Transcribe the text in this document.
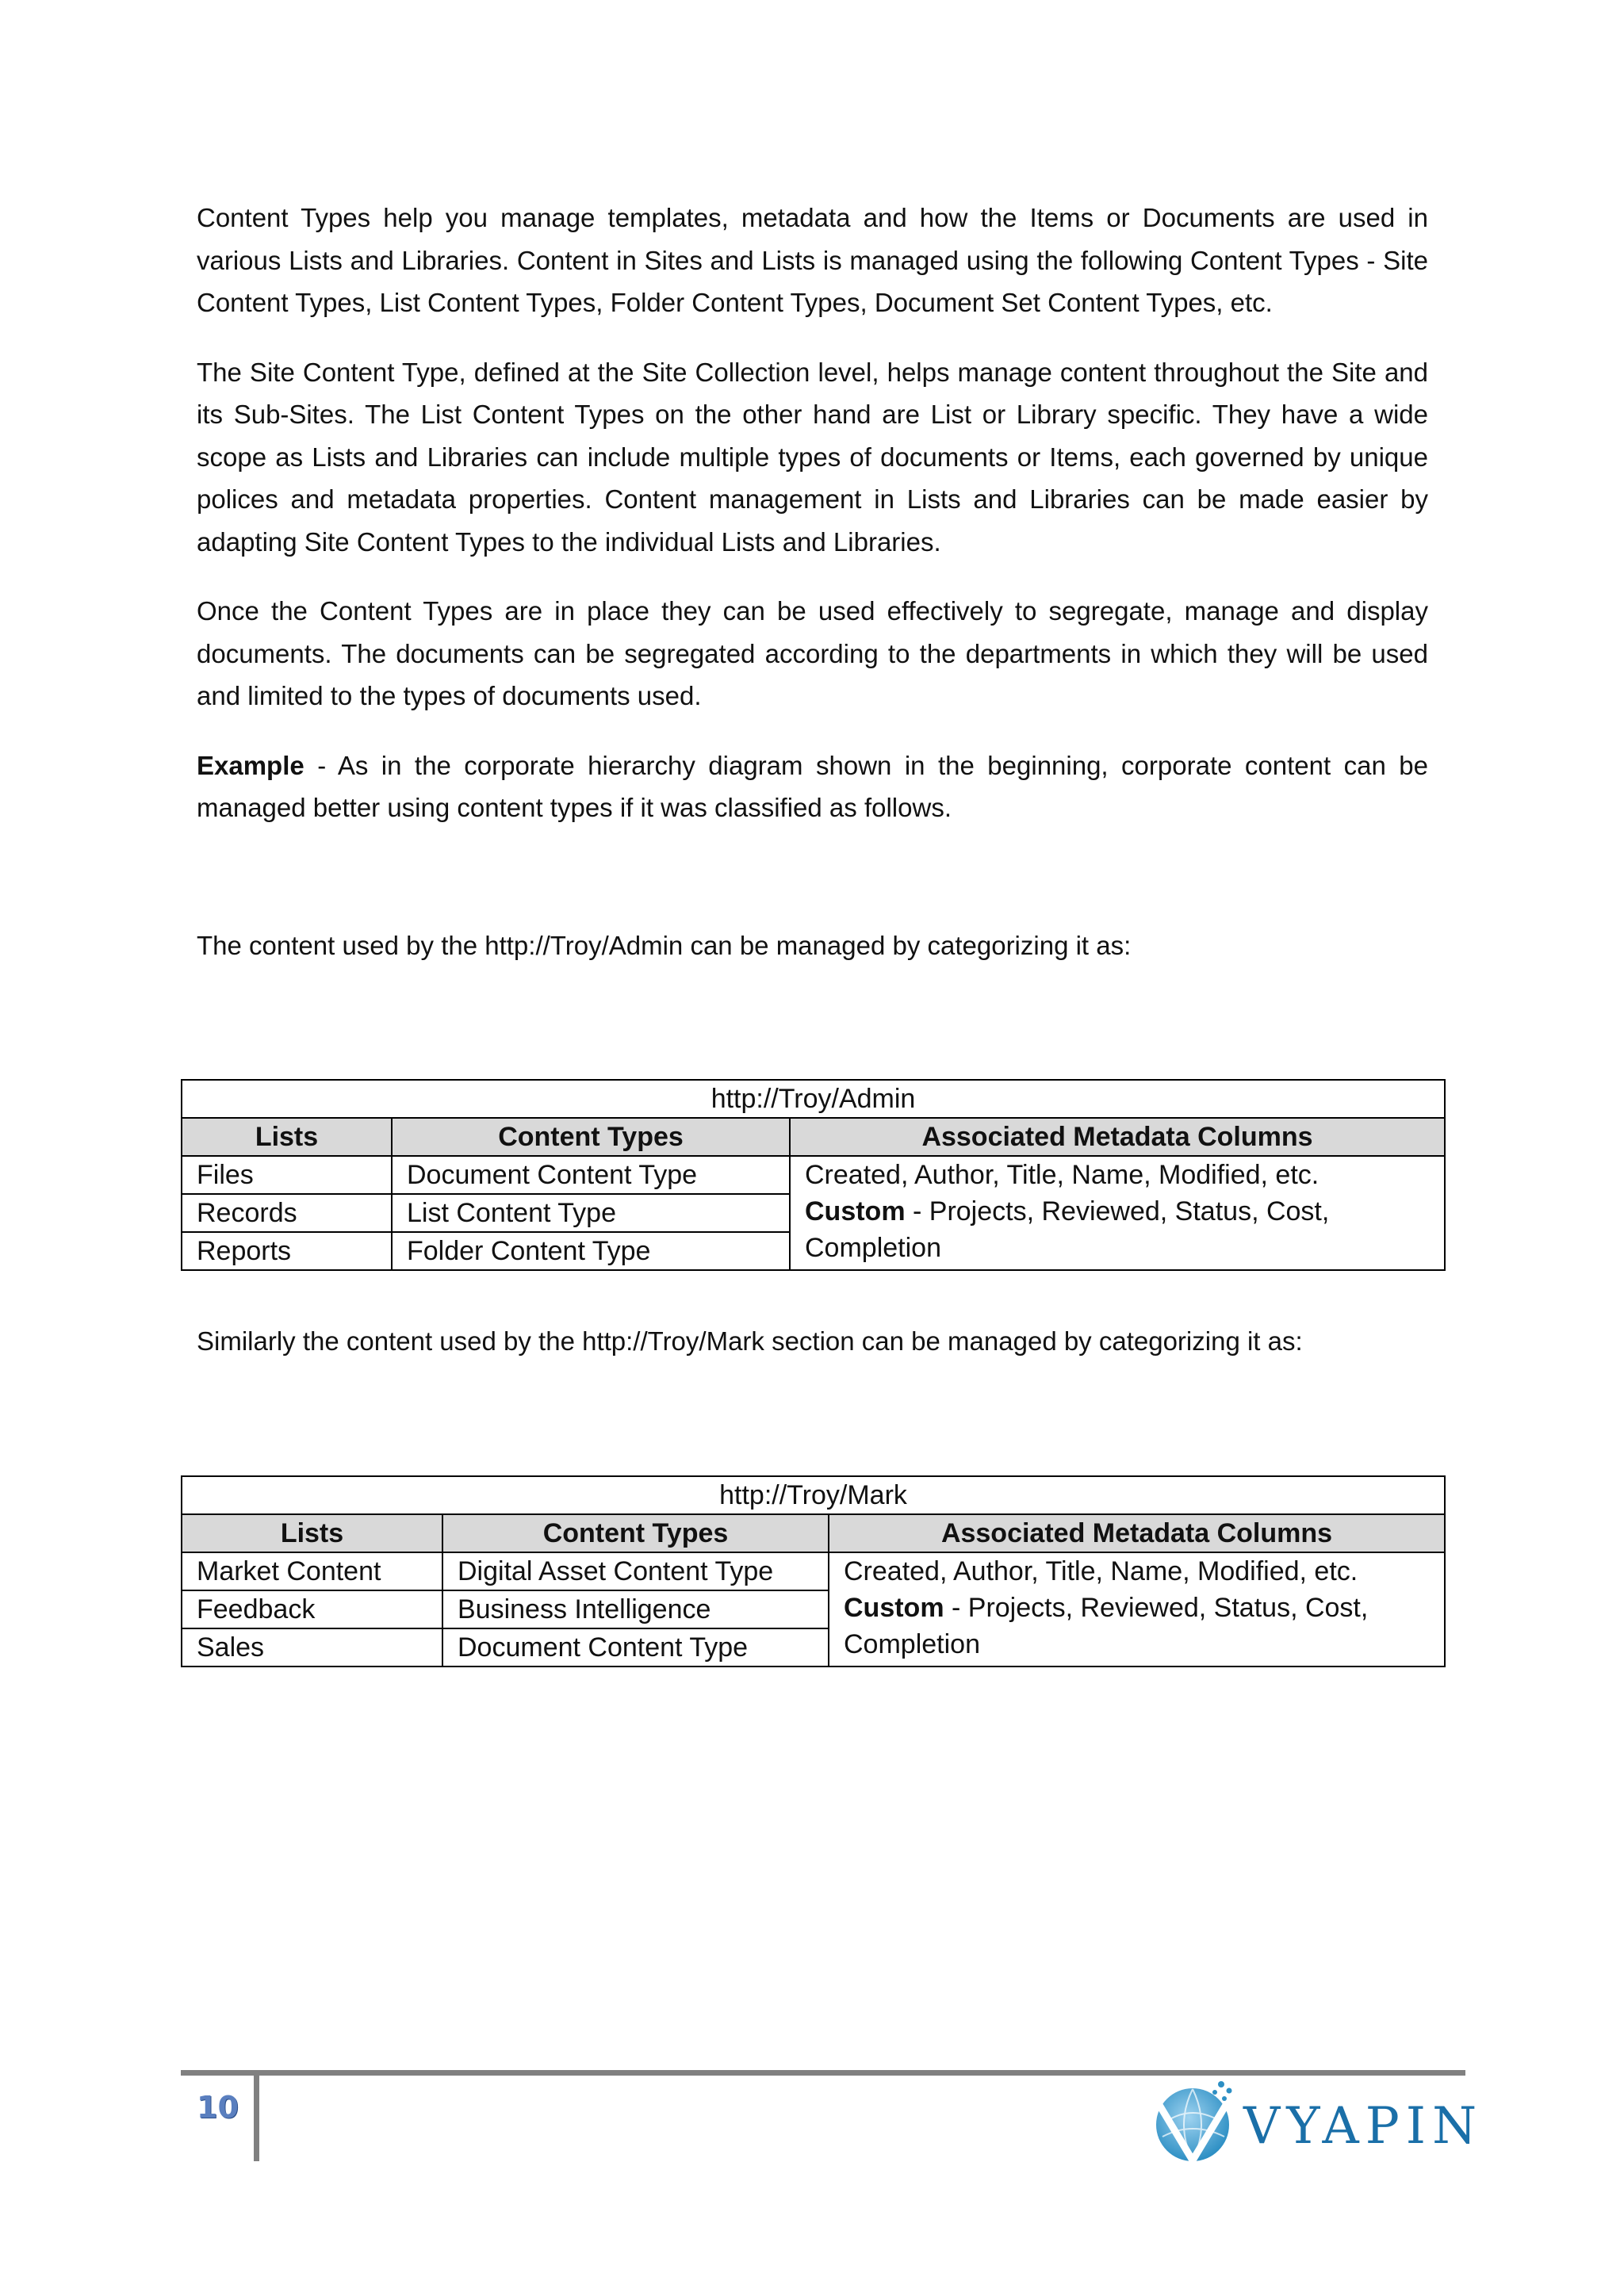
Content Types help you manage templates, metadata and how the Items or Documents are used in various Lists and Libraries. Content in Sites and Lists is managed using the following Content Types - Site Content Types, List Content Types, Folder Content Types, Document Set Content Types, etc.

The Site Content Type, defined at the Site Collection level, helps manage content throughout the Site and its Sub-Sites. The List Content Types on the other hand are List or Library specific. They have a wide scope as Lists and Libraries can include multiple types of documents or Items, each governed by unique polices and metadata properties. Content management in Lists and Libraries can be made easier by adapting Site Content Types to the individual Lists and Libraries.

Once the Content Types are in place they can be used effectively to segregate, manage and display documents. The documents can be segregated according to the departments in which they will be used and limited to the types of documents used.

Example - As in the corporate hierarchy diagram shown in the beginning, corporate content can be managed better using content types if it was classified as follows.

The content used by the http://Troy/Admin can be managed by categorizing it as:

http://Troy/Admin		
Lists	Content Types	Associated Metadata Columns
Files	Document Content Type	Created, Author, Title, Name, Modified, etc.
Custom - Projects, Reviewed, Status, Cost, Completion
Records	List Content Type	
Reports	Folder Content Type	

Similarly the content used by the http://Troy/Mark section can be managed by categorizing it as:

http://Troy/Mark		
Lists	Content Types	Associated Metadata Columns
Market Content	Digital Asset Content Type	Created, Author, Title, Name, Modified, etc.
Custom - Projects, Reviewed, Status, Cost, Completion
Feedback	Business Intelligence	
Sales	Document Content Type	
10	VYAPIN
